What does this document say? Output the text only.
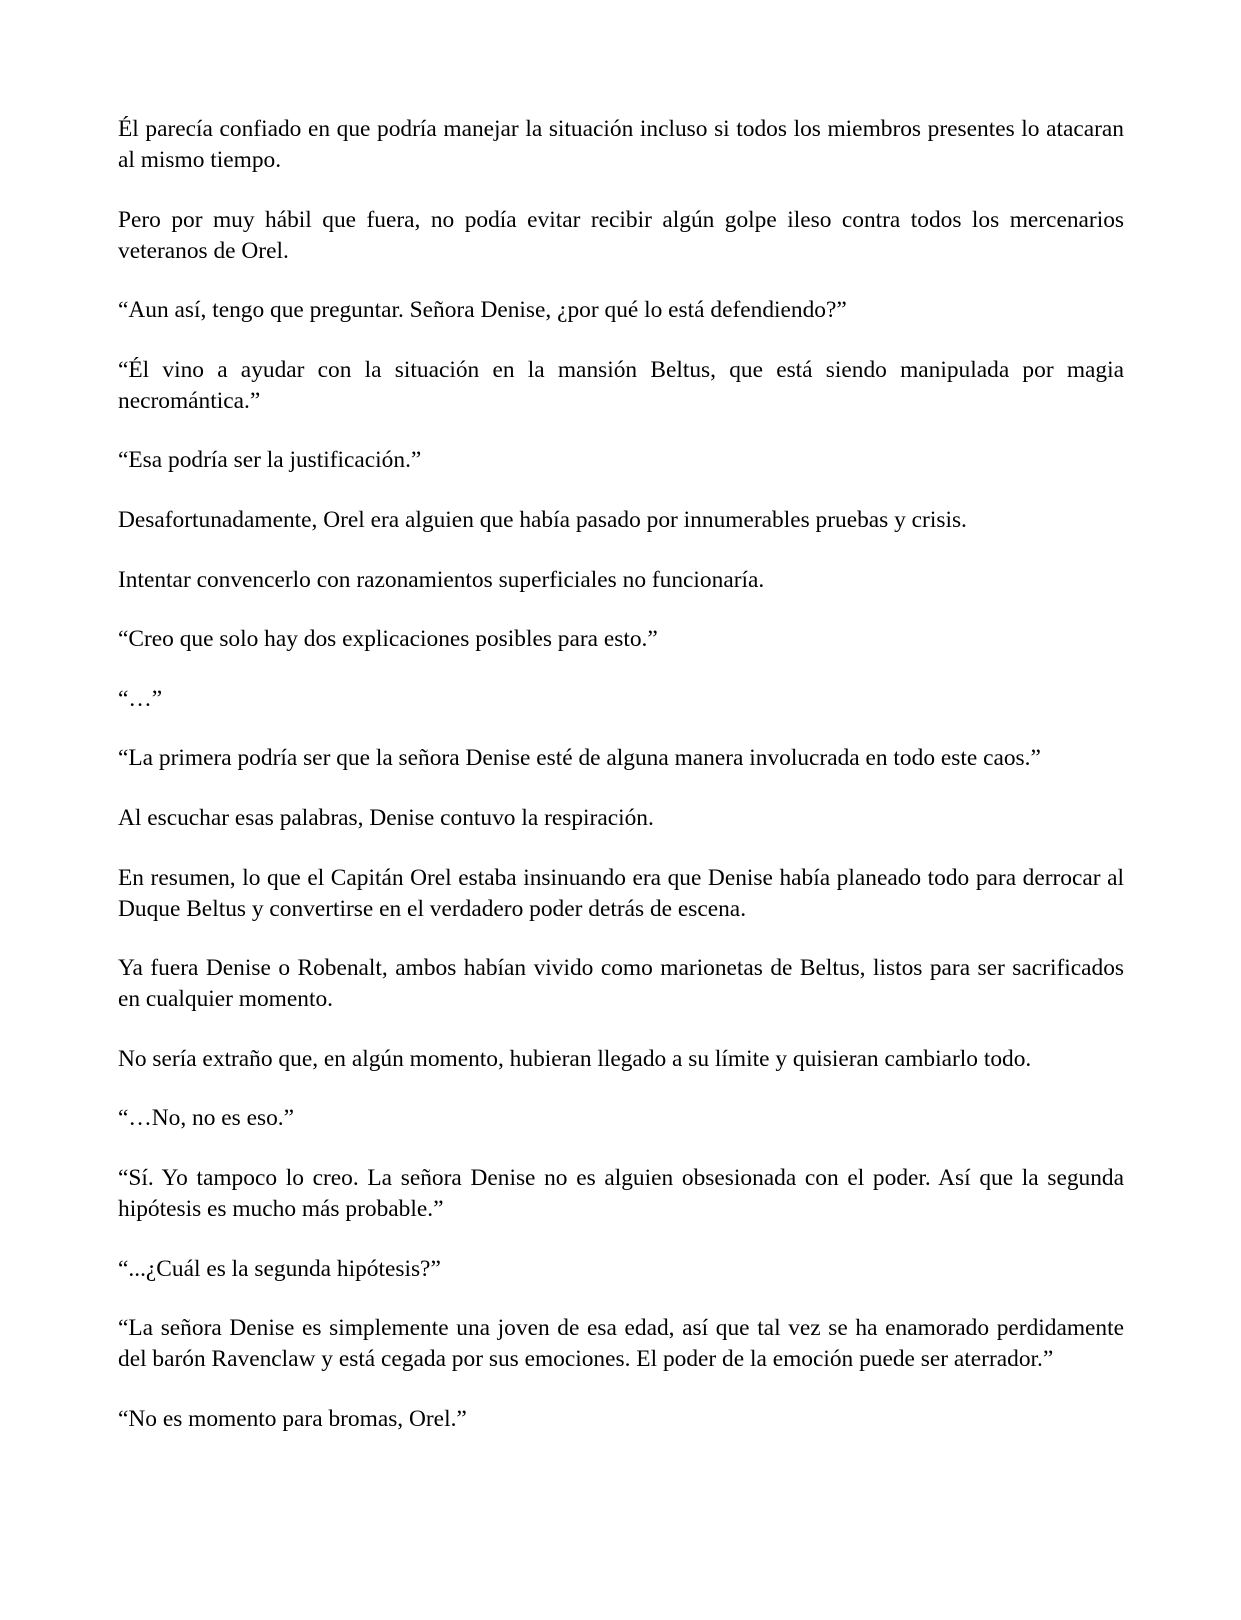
Él parecía confiado en que podría manejar la situación incluso si todos los miembros presentes lo atacaran al mismo tiempo.

Pero por muy hábil que fuera, no podía evitar recibir algún golpe ileso contra todos los mercenarios veteranos de Orel.

“Aun así, tengo que preguntar. Señora Denise, ¿por qué lo está defendiendo?”

“Él vino a ayudar con la situación en la mansión Beltus, que está siendo manipulada por magia necromántica.”

“Esa podría ser la justificación.”

Desafortunadamente, Orel era alguien que había pasado por innumerables pruebas y crisis.

Intentar convencerlo con razonamientos superficiales no funcionaría.

“Creo que solo hay dos explicaciones posibles para esto.”

“…”

“La primera podría ser que la señora Denise esté de alguna manera involucrada en todo este caos.”

Al escuchar esas palabras, Denise contuvo la respiración.

En resumen, lo que el Capitán Orel estaba insinuando era que Denise había planeado todo para derrocar al Duque Beltus y convertirse en el verdadero poder detrás de escena.

Ya fuera Denise o Robenalt, ambos habían vivido como marionetas de Beltus, listos para ser sacrificados en cualquier momento.

No sería extraño que, en algún momento, hubieran llegado a su límite y quisieran cambiarlo todo.

“…No, no es eso.”

“Sí. Yo tampoco lo creo. La señora Denise no es alguien obsesionada con el poder. Así que la segunda hipótesis es mucho más probable.”

“...¿Cuál es la segunda hipótesis?”

“La señora Denise es simplemente una joven de esa edad, así que tal vez se ha enamorado perdidamente del barón Ravenclaw y está cegada por sus emociones. El poder de la emoción puede ser aterrador.”

“No es momento para bromas, Orel.”
